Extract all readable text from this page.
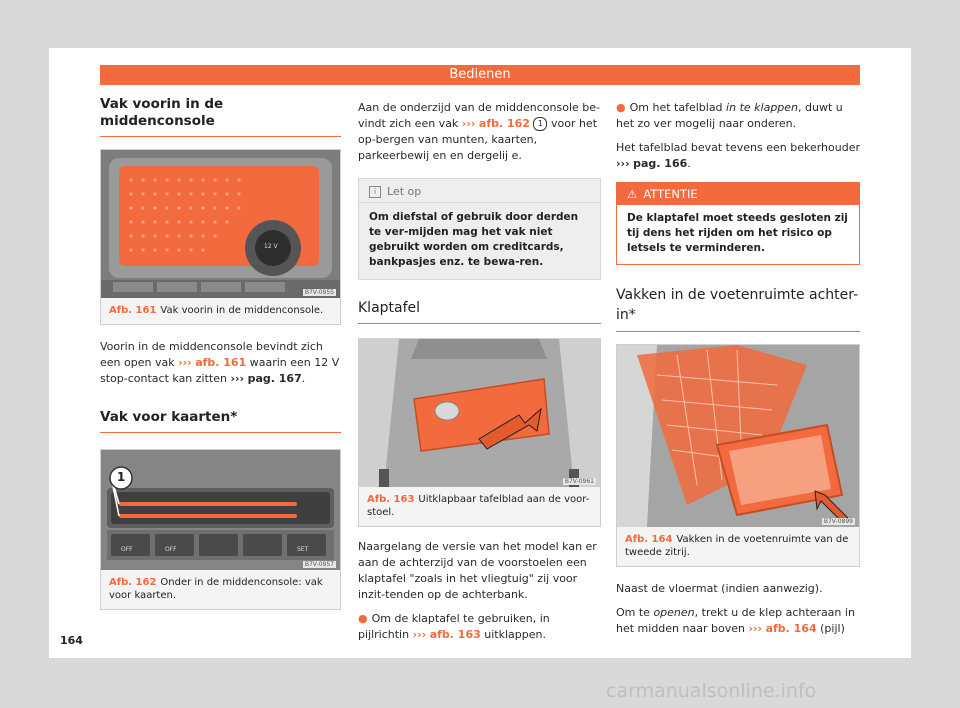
Bedienen
Vak voorin in de middenconsole
12 V
B7V-0955
Afb. 161 Vak voorin in de middenconsole.
Voorin in de middenconsole bevindt zich een open vak ››› afb. 161 waarin een 12 V stop-contact kan zitten ››› pag. 167.
Vak voor kaarten*
1
OFF	OFF	SET
B7V-0957
Afb. 162 Onder in de middenconsole: vak voor kaarten.
Aan de onderzijd van de middenconsole be-vindt zich een vak ››› afb. 162 1 voor het op-bergen van munten, kaarten, parkeerbewij en en dergelij e.
i Let op
Om diefstal of gebruik door derden te ver-mijden mag het vak niet gebruikt worden om creditcards, bankpasjes enz. te bewa-ren.
Klaptafel
B7V-0961
Afb. 163 Uitklapbaar tafelblad aan de voor-stoel.
Naargelang de versie van het model kan er aan de achterzijd van de voorstoelen een klaptafel "zoals in het vliegtuig" zij voor inzit-tenden op de achterbank.
● Om de klaptafel te gebruiken, in pijlrichtin ››› afb. 163 uitklappen.
● Om het tafelblad in te klappen, duwt u het zo ver mogelij naar onderen.
Het tafelblad bevat tevens een bekerhouder ››› pag. 166.
⚠ ATTENTIE
De klaptafel moet steeds gesloten zij tij dens het rijden om het risico op letsels te verminderen.
Vakken in de voetenruimte achter-in*
B7V-0899
Afb. 164 Vakken in de voetenruimte van de tweede zitrij.
Naast de vloermat (indien aanwezig).
Om te openen, trekt u de klep achteraan in het midden naar boven ››› afb. 164 (pijl)
164
carmanualsonline.info
